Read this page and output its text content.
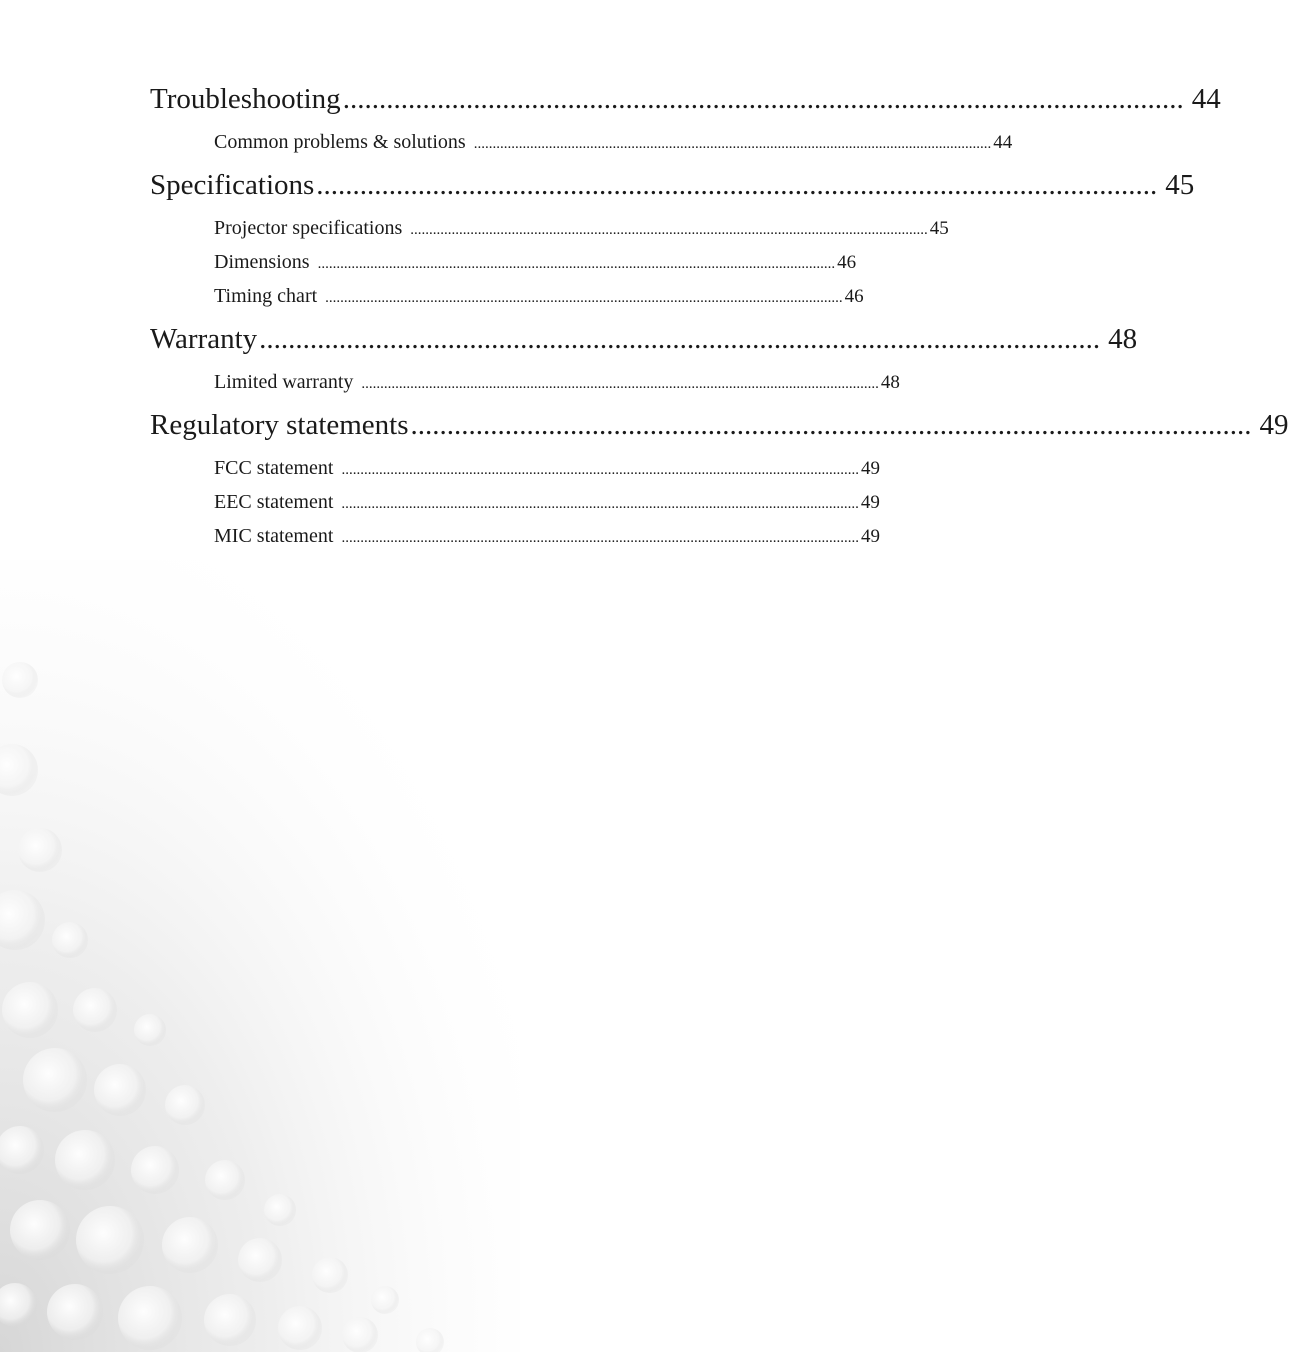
Troubleshooting .................................................................................................................... 44
Common problems & solutions .......................................................................................................................................... 44
Specifications .................................................................................................................... 45
Projector specifications .......................................................................................................................................... 45
Dimensions .......................................................................................................................................... 46
Timing chart .......................................................................................................................................... 46
Warranty .................................................................................................................... 48
Limited warranty .......................................................................................................................................... 48
Regulatory statements .................................................................................................................... 49
FCC statement .......................................................................................................................................... 49
EEC statement .......................................................................................................................................... 49
MIC statement .......................................................................................................................................... 49
